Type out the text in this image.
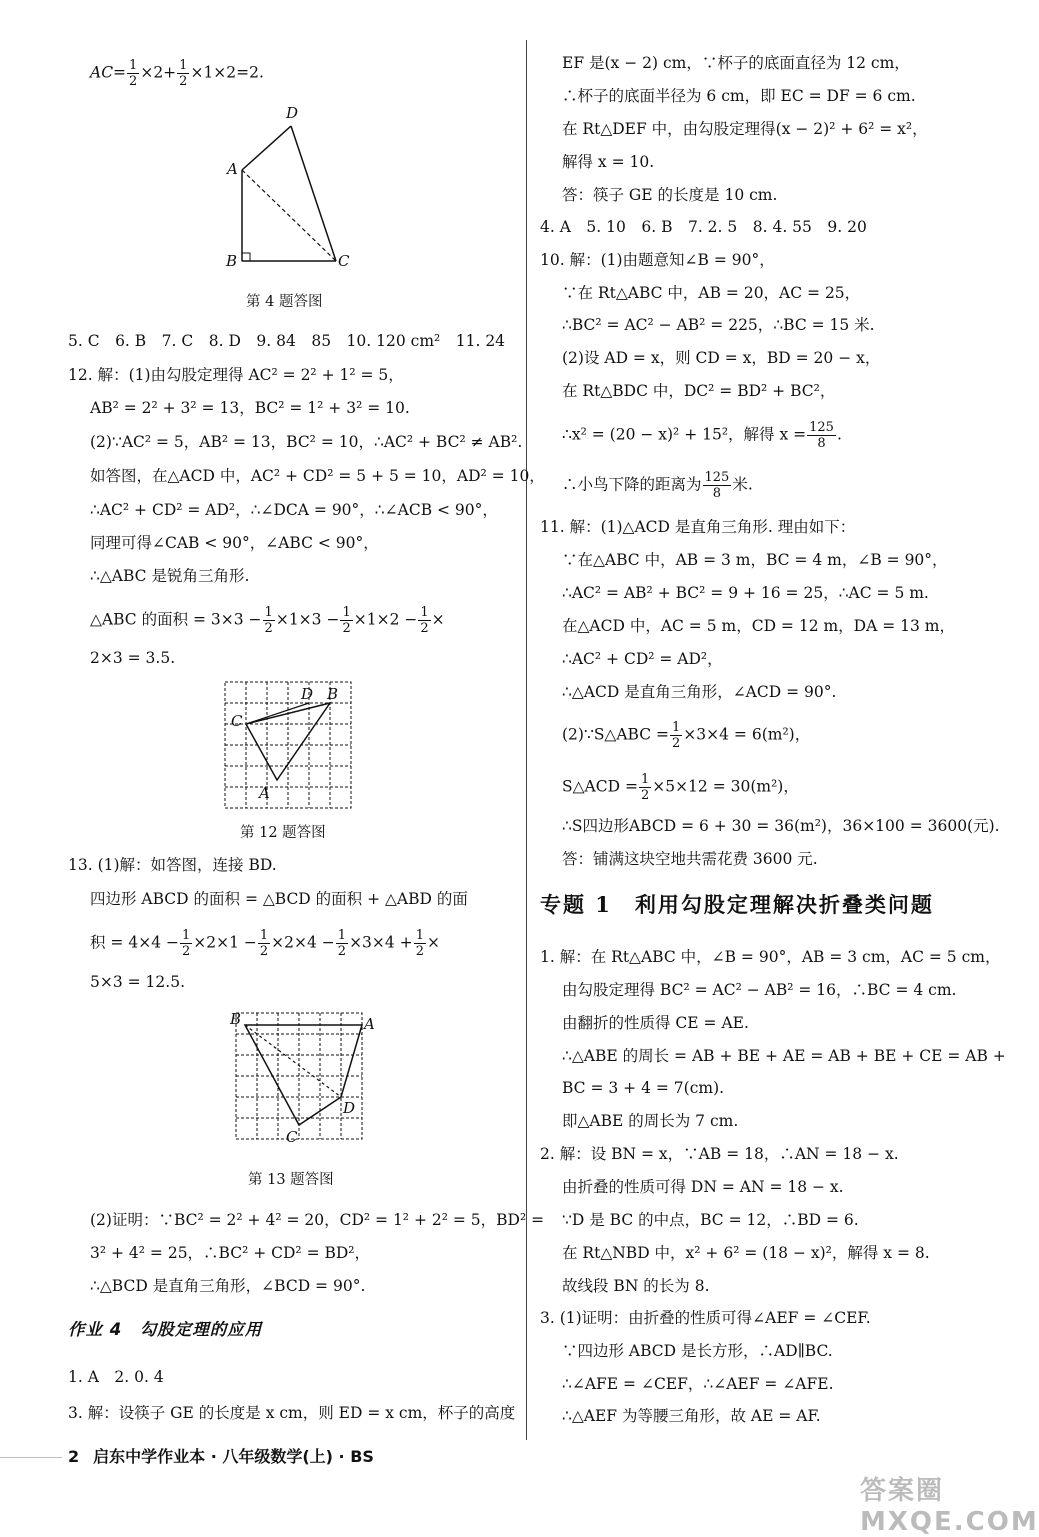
$AC= \frac{1}{2} \times 2+ \frac{1}{2} \times 1\times 2=2$.
D
A
B	C
第 4 题答图
5. C　6. B　7. C　8. D　9. 84　85　10. 120 cm²　11. 24
12. 解：(1)由勾股定理得 AC² = 2² + 1² = 5，
AB² = 2² + 3² = 13，BC² = 1² + 3² = 10.
(2)∵AC² = 5，AB² = 13，BC² = 10，∴AC² + BC² ≠ AB².
如答图，在△ACD 中，AC² + CD² = 5 + 5 = 10，AD² = 10，
∴AC² + CD² = AD²，∴∠DCA = 90°，∴∠ACB < 90°，
同理可得∠CAB < 90°，∠ABC < 90°，
∴△ABC 是锐角三角形.
△ABC 的面积 = $3\times 3 - \frac{1}{2} \times 1\times 3 - \frac{1}{2} \times 1\times 2 - \frac{1}{2}$ ×
2×3 = 3.5.
C
D B
A
第 12 题答图
13. (1)解：如答图，连接 BD.
四边形 ABCD 的面积 = △BCD 的面积 + △ABD 的面
积 = $4\times 4 - \frac{1}{2} \times 2\times 1 - \frac{1}{2} \times 2\times 4 - \frac{1}{2} \times 3\times 4 + \frac{1}{2}$ ×
5×3 = 12.5.
B	A
D
C
第 13 题答图
(2)证明：∵BC² = 2² + 4² = 20，CD² = 1² + 2² = 5，BD² =
3² + 4² = 25，∴BC² + CD² = BD²，
∴△BCD 是直角三角形，∠BCD = 90°.
作业 4　勾股定理的应用
1. A　2. 0. 4
3. 解：设筷子 GE 的长度是 x cm，则 ED = x cm，杯子的高度
EF 是(x − 2) cm，∵杯子的底面直径为 12 cm，
∴杯子的底面半径为 6 cm，即 EC = DF = 6 cm.
在 Rt△DEF 中，由勾股定理得(x − 2)² + 6² = x²，
解得 x = 10.
答：筷子 GE 的长度是 10 cm.
4. A　5. 10　6. B　7. 2. 5　8. 4. 55　9. 20
10. 解：(1)由题意知∠B = 90°，
∵在 Rt△ABC 中，AB = 20，AC = 25，
∴BC² = AC² − AB² = 225，∴BC = 15 米.
(2)设 AD = x，则 CD = x，BD = 20 − x，
在 Rt△BDC 中，DC² = BD² + BC²，
∴x² = (20 − x)² + 15²，解得 $x = \frac{125}{8}$ .
∴小鸟下降的距离为 $\frac{125}{8}$ 米.
11. 解：(1)△ACD 是直角三角形. 理由如下：
∵在△ABC 中，AB = 3 m，BC = 4 m，∠B = 90°，
∴AC² = AB² + BC² = 9 + 16 = 25，∴AC = 5 m.
在△ACD 中，AC = 5 m，CD = 12 m，DA = 13 m，
∴AC² + CD² = AD²，
∴△ACD 是直角三角形，∠ACD = 90°.
(2)∵S△ABC = $\frac{1}{2} \times 3\times 4 = 6(m^2)$，
S△ACD = $\frac{1}{2} \times 5\times 12 = 30(m^2)$，
∴S四边形ABCD = 6 + 30 = 36(m²)，36×100 = 3600(元).
答：铺满这块空地共需花费 3600 元.
专题 1　利用勾股定理解决折叠类问题
1. 解：在 Rt△ABC 中，∠B = 90°，AB = 3 cm，AC = 5 cm，
由勾股定理得 BC² = AC² − AB² = 16，∴BC = 4 cm.
由翻折的性质得 CE = AE.
∴△ABE 的周长 = AB + BE + AE = AB + BE + CE = AB +
BC = 3 + 4 = 7(cm).
即△ABE 的周长为 7 cm.
2. 解：设 BN = x，∵AB = 18，∴AN = 18 − x.
由折叠的性质可得 DN = AN = 18 − x.
∵D 是 BC 的中点，BC = 12，∴BD = 6.
在 Rt△NBD 中，x² + 6² = (18 − x)²，解得 x = 8.
故线段 BN 的长为 8.
3. (1)证明：由折叠的性质可得∠AEF = ∠CEF.
∵四边形 ABCD 是长方形，∴AD∥BC.
∴∠AFE = ∠CEF，∴∠AEF = ∠AFE.
∴△AEF 为等腰三角形，故 AE = AF.
2 启东中学作业本 · 八年级数学(上) · BS
答案圈 MXQE.COM
